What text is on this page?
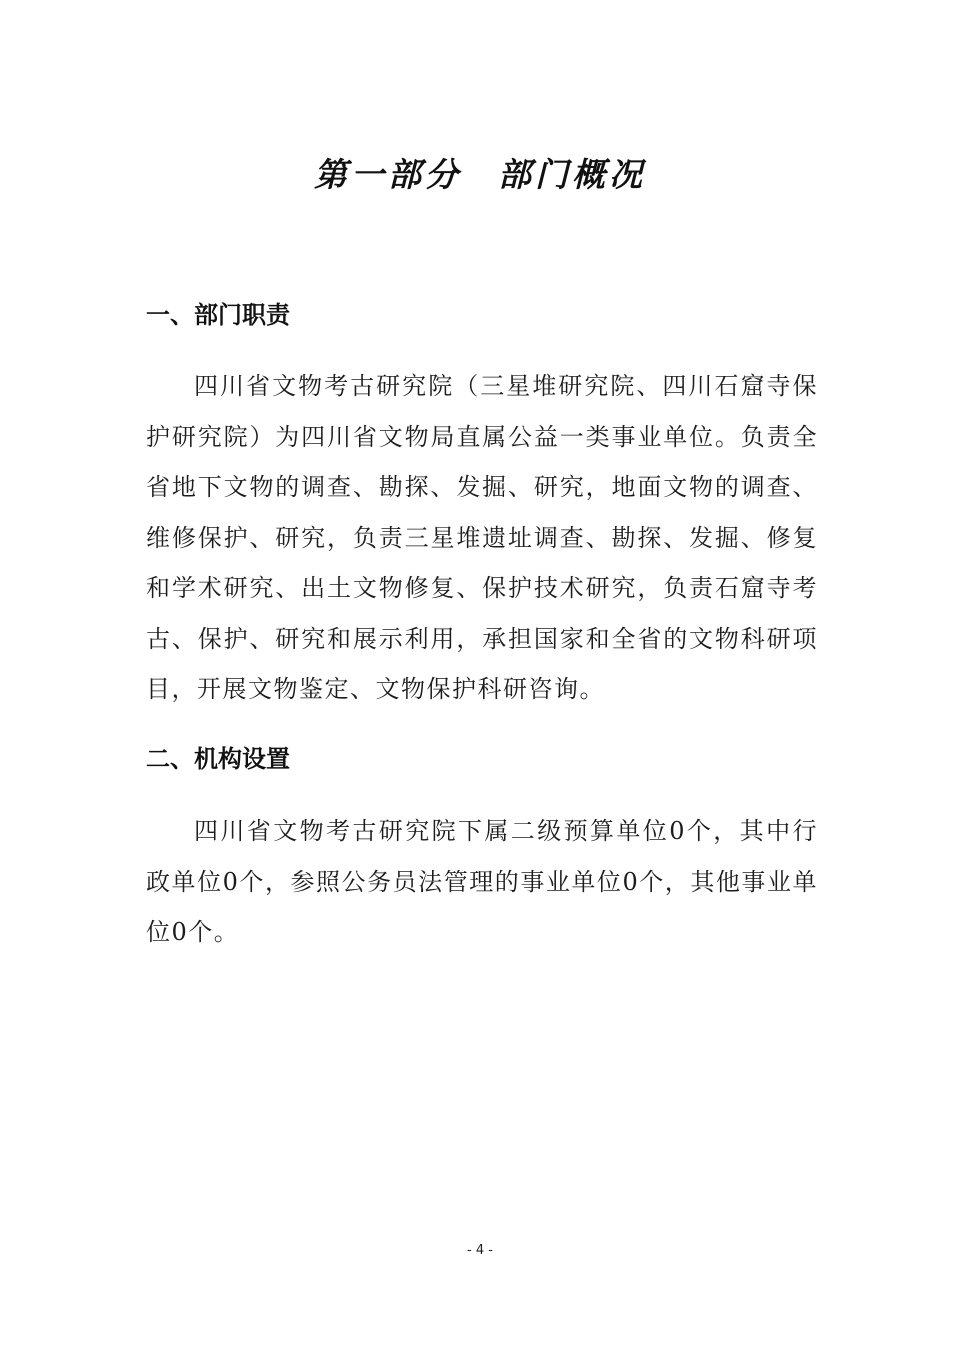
第一部分 部门概况
一、部门职责

四川省文物考古研究院（三星堆研究院、四川石窟寺保护研究院）为四川省文物局直属公益一类事业单位。负责全省地下文物的调查、勘探、发掘、研究，地面文物的调查、维修保护、研究，负责三星堆遗址调查、勘探、发掘、修复和学术研究、出土文物修复、保护技术研究，负责石窟寺考古、保护、研究和展示利用，承担国家和全省的文物科研项目，开展文物鉴定、文物保护科研咨询。

二、机构设置

四川省文物考古研究院下属二级预算单位0个，其中行政单位0个，参照公务员法管理的事业单位0个，其他事业单位0个。

- 4 -
